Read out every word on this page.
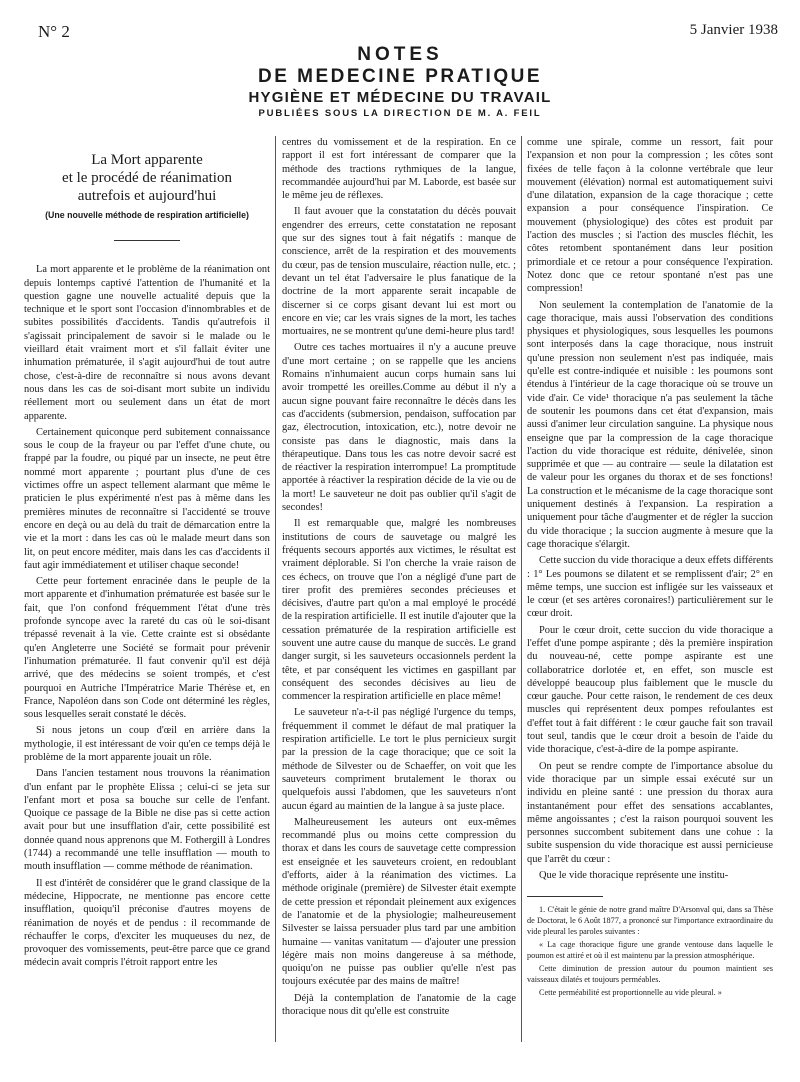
N° 2	5 Janvier 1938
NOTES
DE MEDECINE PRATIQUE
HYGIÈNE ET MÉDECINE DU TRAVAIL
PUBLIÉES SOUS LA DIRECTION DE M. A. FEIL
La Mort apparente
et le procédé de réanimation
autrefois et aujourd'hui
(Une nouvelle méthode de respiration artificielle)

La mort apparente et le problème de la réanimation ont depuis lontemps captivé l'attention de l'humanité et la question gagne une nouvelle actualité depuis que la technique et le sport sont l'occasion d'innombrables et de subites possibilités d'accidents. Tandis qu'autrefois il s'agissait principalement de savoir si le malade ou le vieillard était vraiment mort et s'il fallait éviter une inhumation prématurée, il s'agit aujourd'hui de tout autre chose, c'est-à-dire de reconnaître si nous avons devant nous dans les cas de soi-disant mort subite un individu réellement mort ou seulement dans un état de mort apparente.

Certainement quiconque perd subitement connaissance sous le coup de la frayeur ou par l'effet d'une chute, ou frappé par la foudre, ou piqué par un insecte, ne peut être nommé mort apparente ; pourtant plus d'une de ces victimes offre un aspect tellement alarmant que même le praticien le plus expérimenté n'est pas à même dans les premières minutes de reconnaître si l'accidenté se trouve encore en deçà ou au delà du trait de démarcation entre la vie et la mort : dans les cas où le malade meurt dans son lit, on peut encore méditer, mais dans les cas d'accidents il faut agir immédiatement et utiliser chaque seconde!

Cette peur fortement enracinée dans le peuple de la mort apparente et d'inhumation prématurée est basée sur le fait, que l'on confond fréquemment l'état d'une très profonde syncope avec la rareté du cas où le soi-disant trépassé revenait à la vie. Cette crainte est si obsédante qu'en Angleterre une Société se formait pour prévenir l'inhumation prématurée. Il faut convenir qu'il est déjà arrivé, que des médecins se soient trompés, et c'est pourquoi en Autriche l'Impératrice Marie Thérèse et, en France, Napoléon dans son Code ont déterminé les règles, sous lesquelles serait constaté le décès.

Si nous jetons un coup d'œil en arrière dans la mythologie, il est intéressant de voir qu'en ce temps déjà le problème de la mort apparente jouait un rôle.

Dans l'ancien testament nous trouvons la réanimation d'un enfant par le prophète Elissa ; celui-ci se jeta sur l'enfant mort et posa sa bouche sur celle de l'enfant. Quoique ce passage de la Bible ne dise pas si cette action avait pour but une insufflation d'air, cette possibilité est donnée quand nous apprenons que M. Fothergill à Londres (1744) a recommandé une telle insufflation — mouth to mouth insufflation — comme méthode de réanimation.

Il est d'intérêt de considérer que le grand classique de la médecine, Hippocrate, ne mentionne pas encore cette insufflation, quoiqu'il préconise d'autres moyens de réanimation de noyés et de pendus : il recommande de réchauffer le corps, d'exciter les muqueuses du nez, de provoquer des vomissements, peut-être parce que ce grand médecin avait compris l'étroit rapport entre les

centres du vomissement et de la respiration. En ce rapport il est fort intéressant de comparer que la méthode des tractions rythmiques de la langue, recommandée aujourd'hui par M. Laborde, est basée sur le même jeu de réflexes.

Il faut avouer que la constatation du décès pouvait engendrer des erreurs, cette constatation ne reposant que sur des signes tout à fait négatifs : manque de conscience, arrêt de la respiration et des mouvements du cœur, pas de tension musculaire, réaction nulle, etc. ; devant un tel état l'adversaire le plus fanatique de la doctrine de la mort apparente serait incapable de discerner si ce corps gisant devant lui est mort ou encore en vie; car les vrais signes de la mort, les taches mortuaires, ne se montrent qu'une demi-heure plus tard!

Outre ces taches mortuaires il n'y a aucune preuve d'une mort certaine ; on se rappelle que les anciens Romains n'inhumaient aucun corps humain sans lui avoir trompetté les oreilles.Comme au début il n'y a aucun signe pouvant faire reconnaître le décès dans les cas d'accidents (submersion, pendaison, suffocation par gaz, électrocution, intoxication, etc.), notre devoir ne consiste pas dans le diagnostic, mais dans la thérapeutique. Dans tous les cas notre devoir sacré est de réactiver la respiration interrompue! La promptitude apportée à réactiver la respiration décide de la vie ou de la mort! Le sauveteur ne doit pas oublier qu'il s'agit de secondes!

Il est remarquable que, malgré les nombreuses institutions de cours de sauvetage ou malgré les fréquents secours apportés aux victimes, le résultat est vraiment déplorable. Si l'on cherche la vraie raison de ces échecs, on trouve que l'on a négligé d'une part de tirer profit des premières secondes précieuses et décisives, d'autre part qu'on a mal employé le procédé de la respiration artificielle. Il est inutile d'ajouter que la cessation prématurée de la respiration artificielle est souvent une autre cause du manque de succès. Le grand danger surgit, si les sauveteurs occasionnels perdent la tête, et par conséquent les victimes en gaspillant par conséquent des secondes décisives au lieu de commencer la respiration artificielle en place même!

Le sauveteur n'a-t-il pas négligé l'urgence du temps, fréquemment il commet le défaut de mal pratiquer la respiration artificielle. Le tort le plus pernicieux surgit par la pression de la cage thoracique; que ce soit la méthode de Silvester ou de Schaeffer, on voit que les sauveteurs compriment brutalement le thorax ou quelquefois aussi l'abdomen, que les sauveteurs n'ont aucun égard au maintien de la langue à sa juste place.

Malheureusement les auteurs ont eux-mêmes recommandé plus ou moins cette compression du thorax et dans les cours de sauvetage cette compression est enseignée et les sauveteurs croient, en redoublant d'efforts, aider à la réanimation des victimes. La méthode originale (première) de Silvester était exempte de cette pression et répondait pleinement aux exigences de l'anatomie et de la physiologie; malheureusement Silvester se laissa persuader plus tard par une ambition humaine — vanitas vanitatum — d'ajouter une pression légère mais non moins dangereuse à sa méthode, quoiqu'on ne puisse pas oublier qu'elle n'est pas toujours exécutée par des mains de maître!

Déjà la contemplation de l'anatomie de la cage thoracique nous dit qu'elle est construite

comme une spirale, comme un ressort, fait pour l'expansion et non pour la compression ; les côtes sont fixées de telle façon à la colonne vertébrale que leur mouvement (élévation) normal est automatiquement suivi d'une dilatation, expansion de la cage thoracique ; cette expansion a pour conséquence l'inspiration. Ce mouvement (physiologique) des côtes est produit par l'action des muscles ; si l'action des muscles fléchit, les côtes retombent spontanément dans leur position primordiale et ce retour a pour conséquence l'expiration. Notez donc que ce retour spontané n'est pas une compression!

Non seulement la contemplation de l'anatomie de la cage thoracique, mais aussi l'observation des conditions physiques et physiologiques, sous lesquelles les poumons sont interposés dans la cage thoracique, nous instruit qu'une pression non seulement n'est pas indiquée, mais qu'elle est contre-indiquée et nuisible : les poumons sont étendus à l'intérieur de la cage thoracique où se trouve un vide d'air. Ce vide¹ thoracique n'a pas seulement la tâche de soutenir les poumons dans cet état d'expansion, mais aussi d'animer leur circulation sanguine. La physique nous enseigne que par la compression de la cage thoracique l'action du vide thoracique est réduite, dénivelée, sinon supprimée et que — au contraire — seule la dilatation est de valeur pour les organes du thorax et de ses fonctions! La construction et le mécanisme de la cage thoracique sont uniquement destinés à l'expansion. La respiration a uniquement pour tâche d'augmenter et de régler la succion du vide thoracique ; la succion augmente à mesure que la cage thoracique s'élargit.

Cette succion du vide thoracique a deux effets différents : 1° Les poumons se dilatent et se remplissent d'air; 2° en même temps, une succion est infligée sur les vaisseaux et le cœur (et ses artères coronaires!) particulièrement sur le cœur droit.

Pour le cœur droit, cette succion du vide thoracique a l'effet d'une pompe aspirante ; dès la première inspiration du nouveau-né, cette pompe aspirante est une collaboratrice dorlotée et, en effet, son muscle est développé beaucoup plus faiblement que le muscle du cœur gauche. Pour cette raison, le rendement de ces deux muscles qui représentent deux pompes refoulantes est d'effet tout à fait différent : le cœur gauche fait son travail tout seul, tandis que le cœur droit a besoin de l'aide du vide thoracique, c'est-à-dire de la pompe aspirante.

On peut se rendre compte de l'importance absolue du vide thoracique par un simple essai exécuté sur un individu en pleine santé : une pression du thorax aura instantanément pour effet des sensations accablantes, même angoissantes ; c'est la raison pourquoi souvent les personnes succombent subitement dans une cohue : la subite suspension du vide thoracique est aussi pernicieuse que l'arrêt du cœur :

Que le vide thoracique représente une institu-

1. C'était le génie de notre grand maître D'Arsonval qui, dans sa Thèse de Doctorat, le 6 Août 1877, a prononcé sur l'importance extraordinaire du vide pleural les paroles suivantes :

« La cage thoracique figure une grande ventouse dans laquelle le poumon est attiré et où il est maintenu par la pression atmosphérique.

Cette diminution de pression autour du poumon maintient ses vaisseaux dilatés et toujours perméables.

Cette perméabilité est proportionnelle au vide pleural. »
